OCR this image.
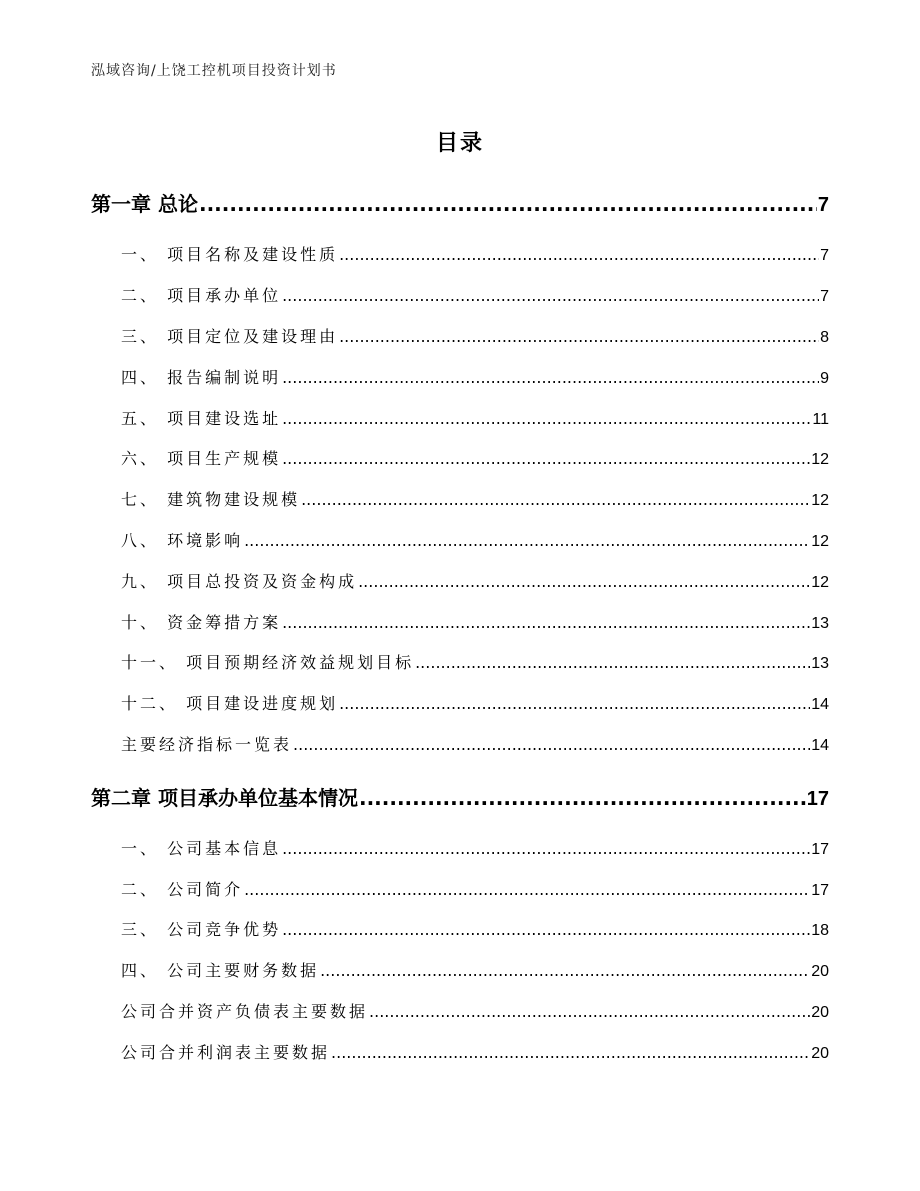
泓域咨询/上饶工控机项目投资计划书
目录
第一章 总论 .....	7
一、 项目名称及建设性质 .....	7
二、 项目承办单位 .....	7
三、 项目定位及建设理由 .....	8
四、 报告编制说明 .....	9
五、 项目建设选址 .....	11
六、 项目生产规模 .....	12
七、 建筑物建设规模 .....	12
八、 环境影响 .....	12
九、 项目总投资及资金构成 .....	12
十、 资金筹措方案 .....	13
十一、 项目预期经济效益规划目标 .....	13
十二、 项目建设进度规划 .....	14
主要经济指标一览表 .....	14
第二章 项目承办单位基本情况 .....	17
一、 公司基本信息 .....	17
二、 公司简介 .....	17
三、 公司竞争优势 .....	18
四、 公司主要财务数据 .....	20
公司合并资产负债表主要数据 .....	20
公司合并利润表主要数据 .....	20
